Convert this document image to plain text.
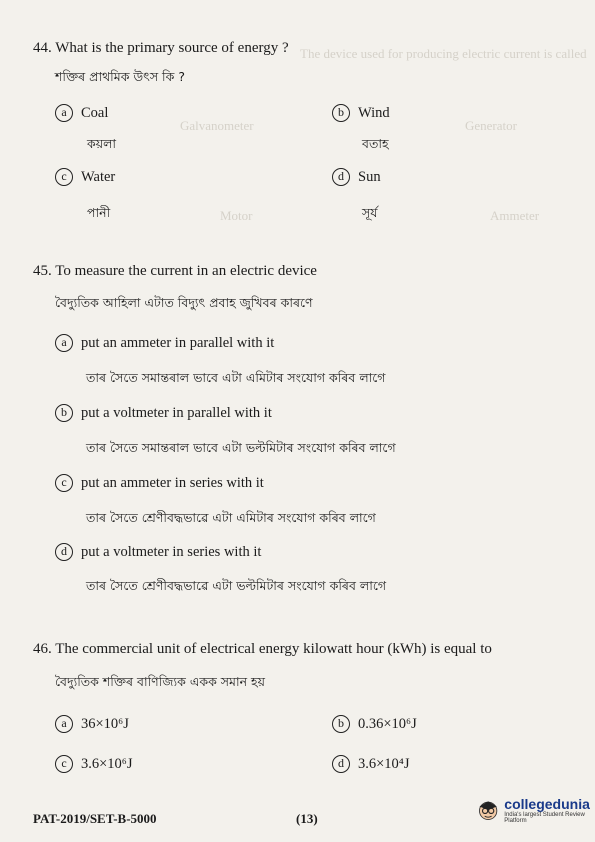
The device used for producing electric current is called
Generator
Galvanometer
Ammeter
Motor
44. What is the primary source of energy ?
শক্তিৰ প্ৰাথমিক উৎস কি ?
a Coal
কয়লা
b Wind
বতাহ
c Water
পানী
d Sun
সূৰ্য
45. To measure the current in an electric device
বৈদ্যুতিক আহিলা এটাত বিদ্যুৎ প্ৰবাহ জুখিবৰ কাৰণে
a put an ammeter in parallel with it
তাৰ সৈতে সমান্তৰাল ভাবে এটা এমিটাৰ সংযোগ কৰিব লাগে
b put a voltmeter in parallel with it
তাৰ সৈতে সমান্তৰাল ভাবে এটা ভল্টমিটাৰ সংযোগ কৰিব লাগে
c put an ammeter in series with it
তাৰ সৈতে শ্ৰেণীবদ্ধভাৱে এটা এমিটাৰ সংযোগ কৰিব লাগে
d put a voltmeter in series with it
তাৰ সৈতে শ্ৰেণীবদ্ধভাৱে এটা ভল্টমিটাৰ সংযোগ কৰিব লাগে
46. The commercial unit of electrical energy kilowatt hour (kWh) is equal to
বৈদ্যুতিক শক্তিৰ বাণিজ্যিক একক সমান হয়
a 36×10⁶J	b 0.36×10⁶J
c 3.6×10⁶J	d 3.6×10⁴J
PAT-2019/SET-B-5000	(13)
collegedunia
India's largest Student Review Platform
